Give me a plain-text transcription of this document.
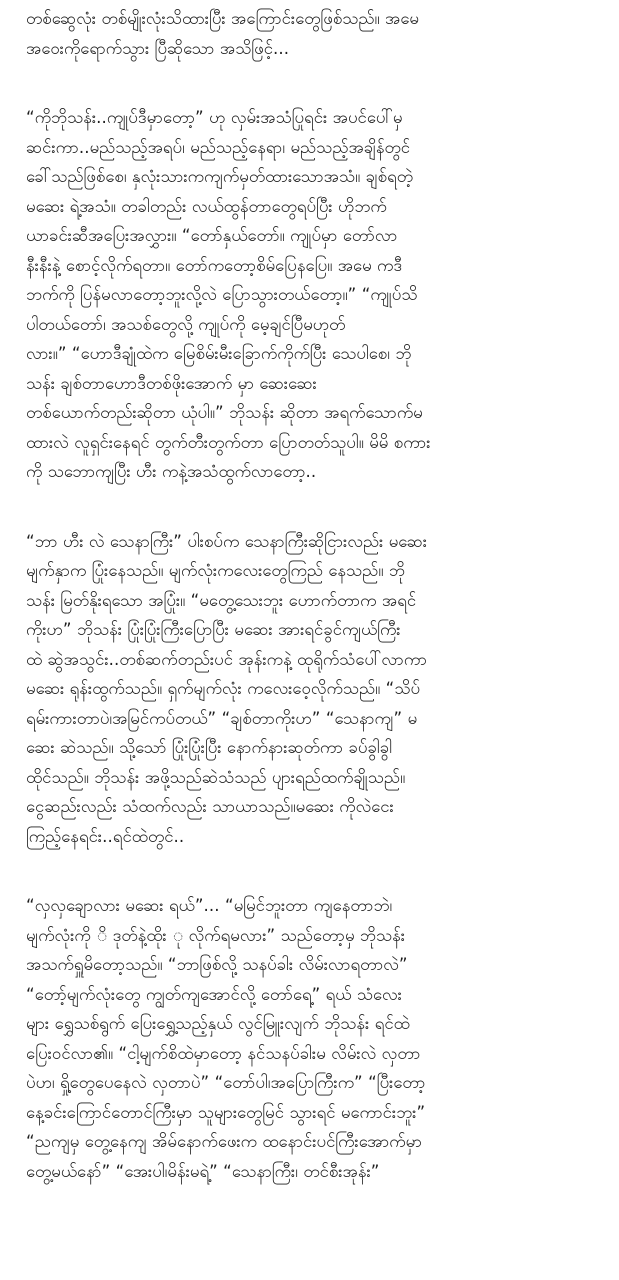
တစ်ဆွေလုံး တစ်မျိုးလုံးသိထားပြီး အကြောင်းတွေဖြစ်သည်။ အမေ
အဝေးကိုရောက်သွား ပြီဆိုသော အသိဖြင့်...

“ကိုဘိုသန်း..ကျုပ်ဒီမှာတော့” ဟု လှမ်းအသံပြုရင်း အပင်ပေါ်မှ
ဆင်းကာ..မည်သည့်အရပ်၊ မည်သည့်နေရာ၊ မည်သည့်အချိန်တွင်
ခေါ်သည်ဖြစ်စေ၊ နှလုံးသားကကျက်မှတ်ထားသောအသံ။ ချစ်ရတဲ့
မဆေး ရဲ့အသံ။ တခါတည်း လယ်ထွန်တာတွေရပ်ပြီး ဟိုဘက်
ယာခင်းဆီအပြေးအလွှား။ “တော်နှယ်တော်။ ကျုပ်မှာ တော်လာ
နီးနီးနဲ့ စောင့်လိုက်ရတာ။ တော်ကတော့စိမ်ပြေနပြေ။ အမေ ကဒီ
ဘက်ကို ပြန်မလာတော့ဘူးလို့လဲ ပြောသွားတယ်တော့။” “ကျုပ်သိ
ပါတယ်တော်၊ အသစ်တွေလို့ ကျုပ်ကို မေ့ချင်ပြီမဟုတ်
လား။” “ဟောဒီချုံထဲက မြေစိမ်းမီးခြောက်ကိုက်ပြီး သေပါစေ၊ ဘို
သန်း ချစ်တာဟောဒီတစ်ဖိုးအောက် မှာ ဆေးဆေး
တစ်ယောက်တည်းဆိုတာ ယုံပါ။” ဘိုသန်း ဆိုတာ အရက်သောက်မ
ထားလဲ လူရှင်းနေရင် တွက်တီးတွက်တာ ပြောတတ်သူပါ။ မိမိ စကား
ကို သဘောကျပြီး ဟီး ကနဲ့အသံထွက်လာတော့..

“ဘာ ဟီး လဲ သေနာကြီး” ပါးစပ်က သေနာကြီးဆိုငြားလည်း မဆေး
မျက်နှာက ပြုံးနေသည်။ မျက်လုံးကလေးတွေကြည် နေသည်။ ဘို
သန်း မြတ်နိုးရသော အပြုံး။ “မတွေ့သေးဘူး ဟောက်တာက အရင်
ကိုးဟ” ဘိုသန်း ပြုံးပြုံးကြီးပြောပြီး မဆေး အားရင်ခွင်ကျယ်ကြီး
ထဲ ဆွဲအသွင်း..တစ်ဆက်တည်းပင် အုန်းကနဲ့ ထုရိုက်သံပေါ်လာကာ
မဆေး ရုန်းထွက်သည်။ ရှက်မျက်လုံး ကလေးဝေ့လိုက်သည်။ “သိပ်
ရမ်းကားတာပဲ၊အမြင်ကပ်တယ်” “ချစ်တာကိုးဟ” “သေနာကျ” မ
ဆေး ဆဲသည်။ သို့သော် ပြုံးပြုံးပြီး နောက်နားဆုတ်ကာ ခပ်ခွါခွါ
ထိုင်သည်။ ဘိုသန်း အဖို့သည်ဆဲသံသည် ပျားရည်ထက်ချိုသည်။
ငွေဆည်းလည်း သံထက်လည်း သာယာသည်။မဆေး ကိုလဲငေး
ကြည့်နေရင်း..ရင်ထဲတွင်..

“လှလှချောလား မဆေး ရယ်”... “မမြင်ဘူးတာ ကျနေတာဘဲ၊
မျက်လုံးကို ိ ဒုတ်နဲ့ထိုး ု လိုက်ရမလား” သည်တော့မှ ဘိုသန်း
အသက်ရှူမိတော့သည်။ “ဘာဖြစ်လို့ သနပ်ခါး လိမ်းလာရတာလဲ”
“တော့်မျက်လုံးတွေ ကျွတ်ကျအောင်လို့ တော်ရေ့” ရယ် သံလေး
များ ရွှေသစ်ရွက် ပြေးရွှေ့သည့်နှယ် လွင်မြူးလျက် ဘိုသန်း ရင်ထဲ
ပြေးဝင်လာ၏။ “ငါ့မျက်စိထဲမှာတော့ နင်သနပ်ခါးမ လိမ်းလဲ လှတာ
ပဲဟ၊ ရှို့တွေပေနေလဲ လှတာပဲ” “တော်ပါ၊အပြောကြီးက” “ပြီးတော့
နေ့ခင်းကြောင်တောင်ကြီးမှာ သူများတွေမြင် သွားရင် မကောင်းဘူး”
“ညကျမှ တွေ့နေကျ အိမ်နောက်ဖေးက ထနောင်းပင်ကြီးအောက်မှာ
တွေ့မယ်နော်” “အေးပါ၊မိန်းမရဲ့” “သေနာကြီး၊ တင်စီးအုန်း”
